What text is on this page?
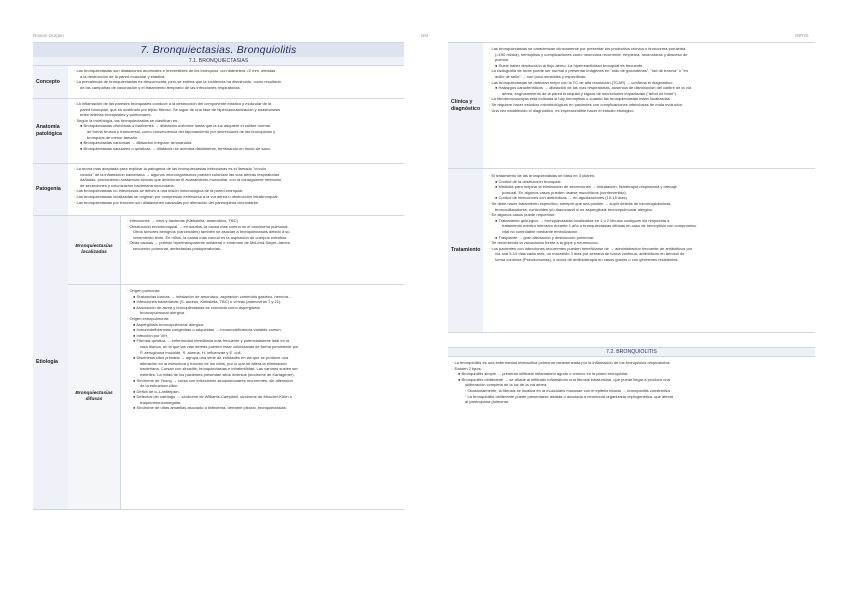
Rowan Ourgan	NM	MIR25
7. Bronquiectasias. Bronquiolitis
7.1. BRONQUIECTASIAS
Concepto

· Las bronquiectasias son dilataciones anormales e irreversibles de los bronquios, con diámetros >2 mm, debidas

a la destrucción de la pared muscular y elástica.

· La prevalencia de bronquiectasias es desconocida, pero se estima que la incidencia ha disminuido, como resultado

de las campañas de vacunación y el tratamiento temprano de las infecciones respiratorias.

Anatomía patológica

· La inflamación de las paredes bronquiales conduce a la destrucción del componente elástico y muscular de la

pared bronquial, que es sustituido por tejido fibroso. Se sigue de una fase de hipervascularización y anastomosis

entre arterias bronquiales y pulmonares.

· Según la morfología, las bronquiectasias se clasifican en:

● Bronquiectasias cilíndricas o fusiformes → dilatación uniforme hasta que la luz adquiere el calibre normal

de forma brusca y transversal, como consecuencia del taponamiento por secreciones de las bronquiolos y

bronquios de menor tamaño.

● Bronquiectasias varicosas → dilatación irregular, arrosariada.

● Bronquiectasias saculares o quísticas → dilatación se acentúa distalmente, terminando en fondo de saco.

Patogenia

· La teoría más aceptada para explicar la patogenia de las bronquiectasias infecciosas es el llamado "círculo

vicioso" de la inflamación bacteriana → algunos microorganismos pueden colonizar las vías aéreas respiratorias

dañadas, produciendo sustancias tóxicas que deterioran el aclaramiento mucociliar, con la consiguiente retención

de secreciones y colonización bacteriana secundaria.

· Las bronquiectasias no infecciosas se deben a una lesión inmunológica de la pared bronquial.

· Las bronquiectasias localizadas se originan por compresión extrínseca a la vía aérea u obstrucción intrabronquial.

· Las bronquiectasias por tracción son dilataciones causadas por alteración del parénquima circundante.

Etiología
Bronquiectasias localizadas

· Infecciones → virus y bacterias (Klebsiella, anaerobios, TBC).

· Obstrucción endobronquial → en adultos, la causa más común es el carcinoma pulmonar.

Otros tumores benignos (carcinoides) también se asocian a bronquiectasias debido a su

crecimiento lento. En niños, la causa más común es la aspiración de cuerpos extraños.

· Otras causas → pulmón hipertransparente unilateral o síndrome de McLeod-Swyer-James,

secuestro pulmonar, atelectasias postoperatorias...

Bronquiectasias difusas

· Origen pulmonar:

● Sustancias tóxicas → inhalación de amoníaco, aspiración contenido gástrico, heroína...

● Infecciones bacterianas (S. aureus, Klebsiella, TBC) o víricas (adenovirus 7 y 21).

● Asociación de asma y bronquiectasias es conocida como aspergilosis

broncopulmonar alérgica.

· Origen extrapulmonar:

● Aspergilosis broncopulmonar alérgica.

● Inmunodeficiencias congénitas o adquiridas → inmunodeficiencia variable común.

● Infección por VIH.

● Fibrosis quística → enfermedad hereditaria más frecuente y potencialmente letal en la

raza blanca, en la que las vías aéreas pueden estar colonizadas de forma persistente por

P. aeruginosa mucoide, S. aureus, H. influenzae y E. coli.

● Discinesia ciliar primaria → agrupa una serie de entidades en las que se produce una

alteración en la estructura y función de los cilios, por lo que se altera la eliminación

bacteriana. Cursan con sinusitis, bronquiectasias e infrafertilidad. Las varones suelen ser

estériles. La mitad de los pacientes presentan situs inversus (síndrome de Kartagener).

● Síndrome de Young → cursa con infecciones sinopulmonares recurrentes, sin alteración

de la estructura ciliar.

● Déficit de α-1-antitripsin.

● Defectos del cartílago → síndrome de Williams-Campbell, síndrome de Mounier-Kühn o

traqueobroncomegalia.

● Síndrome de uñas amarillas asociado a linfedema, derrame pleural, bronquiectasias.

Clínica y diagnóstico

· Las bronquiectasias se caracterizan clínicamente por presentar tos productiva crónica o broncorrea purulenta

(>150 ml/día), hemoptisis y complicaciones como neumonía recurrente, empiema, neumotórax y absceso de

pulmón.

● Suele haber obstrucción al flujo aéreo. La hiperreactividad bronquial es frecuente.

· La radiografía de tórax puede ser normal o presentar imágenes en "nido de golondrinas", "raíl de tranvía" o "en

anillo de sello" → son poco sensibles y específicas.

· Las bronquiectasias se detectan mejor con la TC de alta resolución (TCAR) → confirma el diagnóstico.

● Hallazgos característicos → dilatación de las vías respiratorias, ausencia de disminución del calibre de la vía

aérea, engrosamiento de la pared bronquial y signos de secreciones impactadas ("árbol en brote").

· La fibrobroncoscopia está indicada si hay hemoptisis o cuando las bronquiectasias están localizadas.

· Se requiere hacer estudios microbiológicos en pacientes con complicaciones infecciosas de mala evolución.

· Una vez establecido el diagnóstico, es imprescindible hacer el estudio etiológico.

Tratamiento

· El tratamiento de las bronquiectasias se basa en 3 pilares:

● Control de la obstrucción bronquial.

● Medidas para mejorar la eliminación de secreciones → hidratación, fisioterapia respiratoria y drenaje

postural. En algunos casos pueden usarse mucolíticos (controvertido).

● Control de infecciones con antibióticos → en agudizaciones (10-15 días).

· Se debe hacer tratamiento específico, siempre que sea posible → suplir déficits de inmunoglobulinas,

broncodilatadores, corticoides y/o itraconazol si es aspergilosis broncopulmonar alérgica.

· En algunos casos puede requerirse:

● Tratamiento quirúrgico → bronquiectasias localizadas en 1 o 2 lóbulos contiguos sin respuesta a

tratamiento médico intensivo durante 1 año o bronquiectasias difusas en caso de hemoptisis con compromiso

vital no controlable mediante embolización.

● Trasplante → gran afectación y destrucción pulmonar.

· Se recomienda la vacunación frente a la gripe y neumococo.

· Los pacientes con infecciones recurrentes pueden beneficiarse de → administración frecuente de antibióticos por

vía oral 5-10 días cada mes, un macrólido 3 días por semana de forma continua; antibióticos en aerosol de

forma continua (Pseudomonas), o ciclos de antibioterapia en casos graves o con gérmenes resistentes.

7.2. BRONQUIOLITIS

· La bronquiolitis es una enfermedad obstructiva pulmonar caracterizada por la inflamación de los bronquiolos respiratorios.

· Existen 2 tipos:

● Bronquiolitis simple → presenta infiltrado inflamatorio agudo o crónico en la pared bronquiolar.

● Bronquiolitis obliterante → se añade al infiltrado inflamatorio una fibrosis intraluminal, que puede llegar a producir una

obliteración completa de la luz de la vía aérea.

· Ocasionalmente, la fibrosis se localiza en la muscularis mucosae con el epitelio intacto → bronquiolitis constrictiva.

· La bronquiolitis obliterante puede presentarse aislada o asociada a neumonía organizada criptogenética, que afecta

al parénquima pulmonar.
